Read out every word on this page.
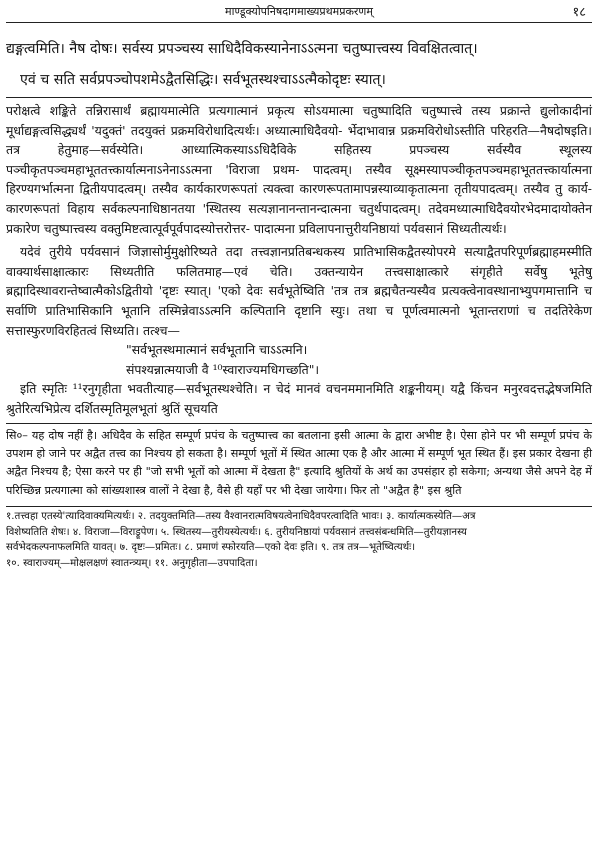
माण्डूक्योपनिषदागमाख्यप्रथमप्रकरणम्	१८

द्यङ्गत्वमिति। नैष दोषः। सर्वस्य प्रपञ्चस्य साधिदैविकस्यानेनाऽऽत्मना चतुष्पात्त्वस्य विवक्षितत्वात्।

एवं च सति सर्वप्रपञ्चोपशमेऽद्वैतसिद्धिः। सर्वभूतस्थश्चाऽऽत्मैकोदृष्टः स्यात्।

परोक्षत्वे शङ्किते तन्निरासार्थं ब्रह्मायमात्मेति प्रत्यगात्मानं प्रकृत्य सोऽयमात्मा चतुष्पादिति चतुष्पात्त्वे तस्य प्रक्रान्ते द्युलोकादीनां मूर्धाद्यङ्गत्वसिद्ध्यर्थं 'यदुक्तं' तदयुक्तं प्रक्रमविरोधादित्यर्थः। अध्यात्माधिदैवयो- र्भेदाभावान्न प्रक्रमविरोधोऽस्तीति परिहरति—नैषदोषइति। तत्र हेतुमाह—सर्वस्येति। आध्यात्मिकस्याऽऽधिदैविके सहितस्य प्रपञ्चस्य सर्वस्यैव स्थूलस्य पञ्चीकृतपञ्चमहाभूततत्त्कार्यात्मनाऽनेनाऽऽत्मना 'विराजा प्रथम- पादत्वम्। तस्यैव सूक्ष्मस्यापञ्चीकृतपञ्चमहाभूततत्त्कार्यात्मना हिरण्यगर्भात्मना द्वितीयपादत्वम्। तस्यैव कार्यकारणरूपतां त्यक्त्वा कारणरूपतामापन्नस्याव्याकृतात्मना तृतीयपादत्वम्। तस्यैव तु कार्य- कारणरूपतां विहाय सर्वकल्पनाधिष्ठानतया 'स्थितस्य सत्यज्ञानानन्तानन्दात्मना चतुर्थपादत्वम्। तदेवमध्यात्माधिदैवयोरभेदमादायोक्तेन प्रकारेण चतुष्पात्त्वस्य वक्तुमिष्टत्वात्पूर्वपूर्वपादस्योत्तरोत्तर- पादात्मना प्रविलापनात्तुरीयनिष्ठायां पर्यवसानं सिध्यतीत्यर्थः।

यदेवं तुरीये पर्यवसानं जिज्ञासोर्मुमुक्षोरिष्यते तदा तत्त्वज्ञानप्रतिबन्धकस्य प्रातिभासिकद्वैतस्योपरमे सत्याद्वैतपरिपूर्णब्रह्माहमस्मीति वाक्यार्थसाक्षात्कारः सिध्यतीति फलितमाह—एवं चेति। उक्तन्यायेन तत्त्वसाक्षात्कारे संगृहीते सर्वेषु भूतेषु ब्रह्मादिस्थावरान्तेष्वात्मैकोऽद्वितीयो 'दृष्टः स्यात्। 'एको देवः सर्वभूतेष्विति 'तत्र तत्र ब्रह्मचैतन्यस्यैव प्रत्यक्त्वेनावस्थानाभ्युपगमात्तानि च सर्वाणि प्रातिभासिकानि भूतानि तस्मिन्नेवाऽऽत्मनि कल्पितानि दृष्टानि स्युः। तथा च पूर्णत्वमात्मनो भूतान्तराणां च तदतिरेकेण सत्तास्फुरणविरहितत्वं सिध्यति। तत्श्च—

"सर्वभूतस्थमात्मानं सर्वभूतानि चाऽऽत्मनि।
संपश्यन्नात्मयाजी वै ¹⁰स्वाराज्यमधिगच्छति"।

इति स्मृतिः ¹¹रनुगृहीता भवतीत्याह—सर्वभूतस्थश्चेति। न चेदं मानवं वचनममानमिति शङ्कनीयम्। यद्वै किंचन मनुरवदत्तद्भेषजमिति श्रुतेरित्यभिप्रेत्य दर्शितस्मृतिमूलभूतां श्रुतिं सूचयति

सि०– यह दोष नहीं है। अधिदैव के सहित सम्पूर्ण प्रपंच के चतुष्पात्त्व का बतलाना इसी आत्मा के द्वारा अभीष्ट है। ऐसा होने पर भी सम्पूर्ण प्रपंच के उपशम हो जाने पर अद्वैत तत्त्व का निश्चय हो सकता है। सम्पूर्ण भूतों में स्थित आत्मा एक है और आत्मा में सम्पूर्ण भूत स्थित हैं। इस प्रकार देखना ही अद्वैत निश्चय है; ऐसा करने पर ही "जो सभी भूतों को आत्मा में देखता है" इत्यादि श्रुतियों के अर्थ का उपसंहार हो सकेगा; अन्यथा जैसे अपने देह में परिच्छिन्न प्रत्यगात्मा को सांख्यशास्त्र वालों ने देखा है, वैसे ही यहाँ पर भी देखा जायेगा। फिर तो "अद्वैत है" इस श्रुति

१.तत्त्वहा एतस्ये'त्यादिवाक्यमित्यर्थः। २. तदयुक्तमिति—तस्य वैश्वानरात्मविषयत्वेनाधिदैवपरत्वादिति भावः। ३. कार्यात्मकस्येति—अत्र

विशेष्यतिति शेषः। ४. विराजा—विराड्रूपेण। ५. स्थितस्य—तुरीयस्येत्यर्थः। ६. तुरीयनिष्ठायां पर्यवसानं तत्त्वसंबन्धमिति—तुरीयज्ञानस्य

सर्वभेदकल्पनाफलमिति यावत्। ७. दृष्टः—प्रमितः। ८. प्रमाणं स्फोरयति—एको देवः इति। ९. तत्र तत्र—भूतेष्वित्यर्थः।

१०. स्वाराज्यम्—मोक्षलक्षणं स्वातन्त्र्यम्। ११. अनुगृहीता—उपपादिता।
